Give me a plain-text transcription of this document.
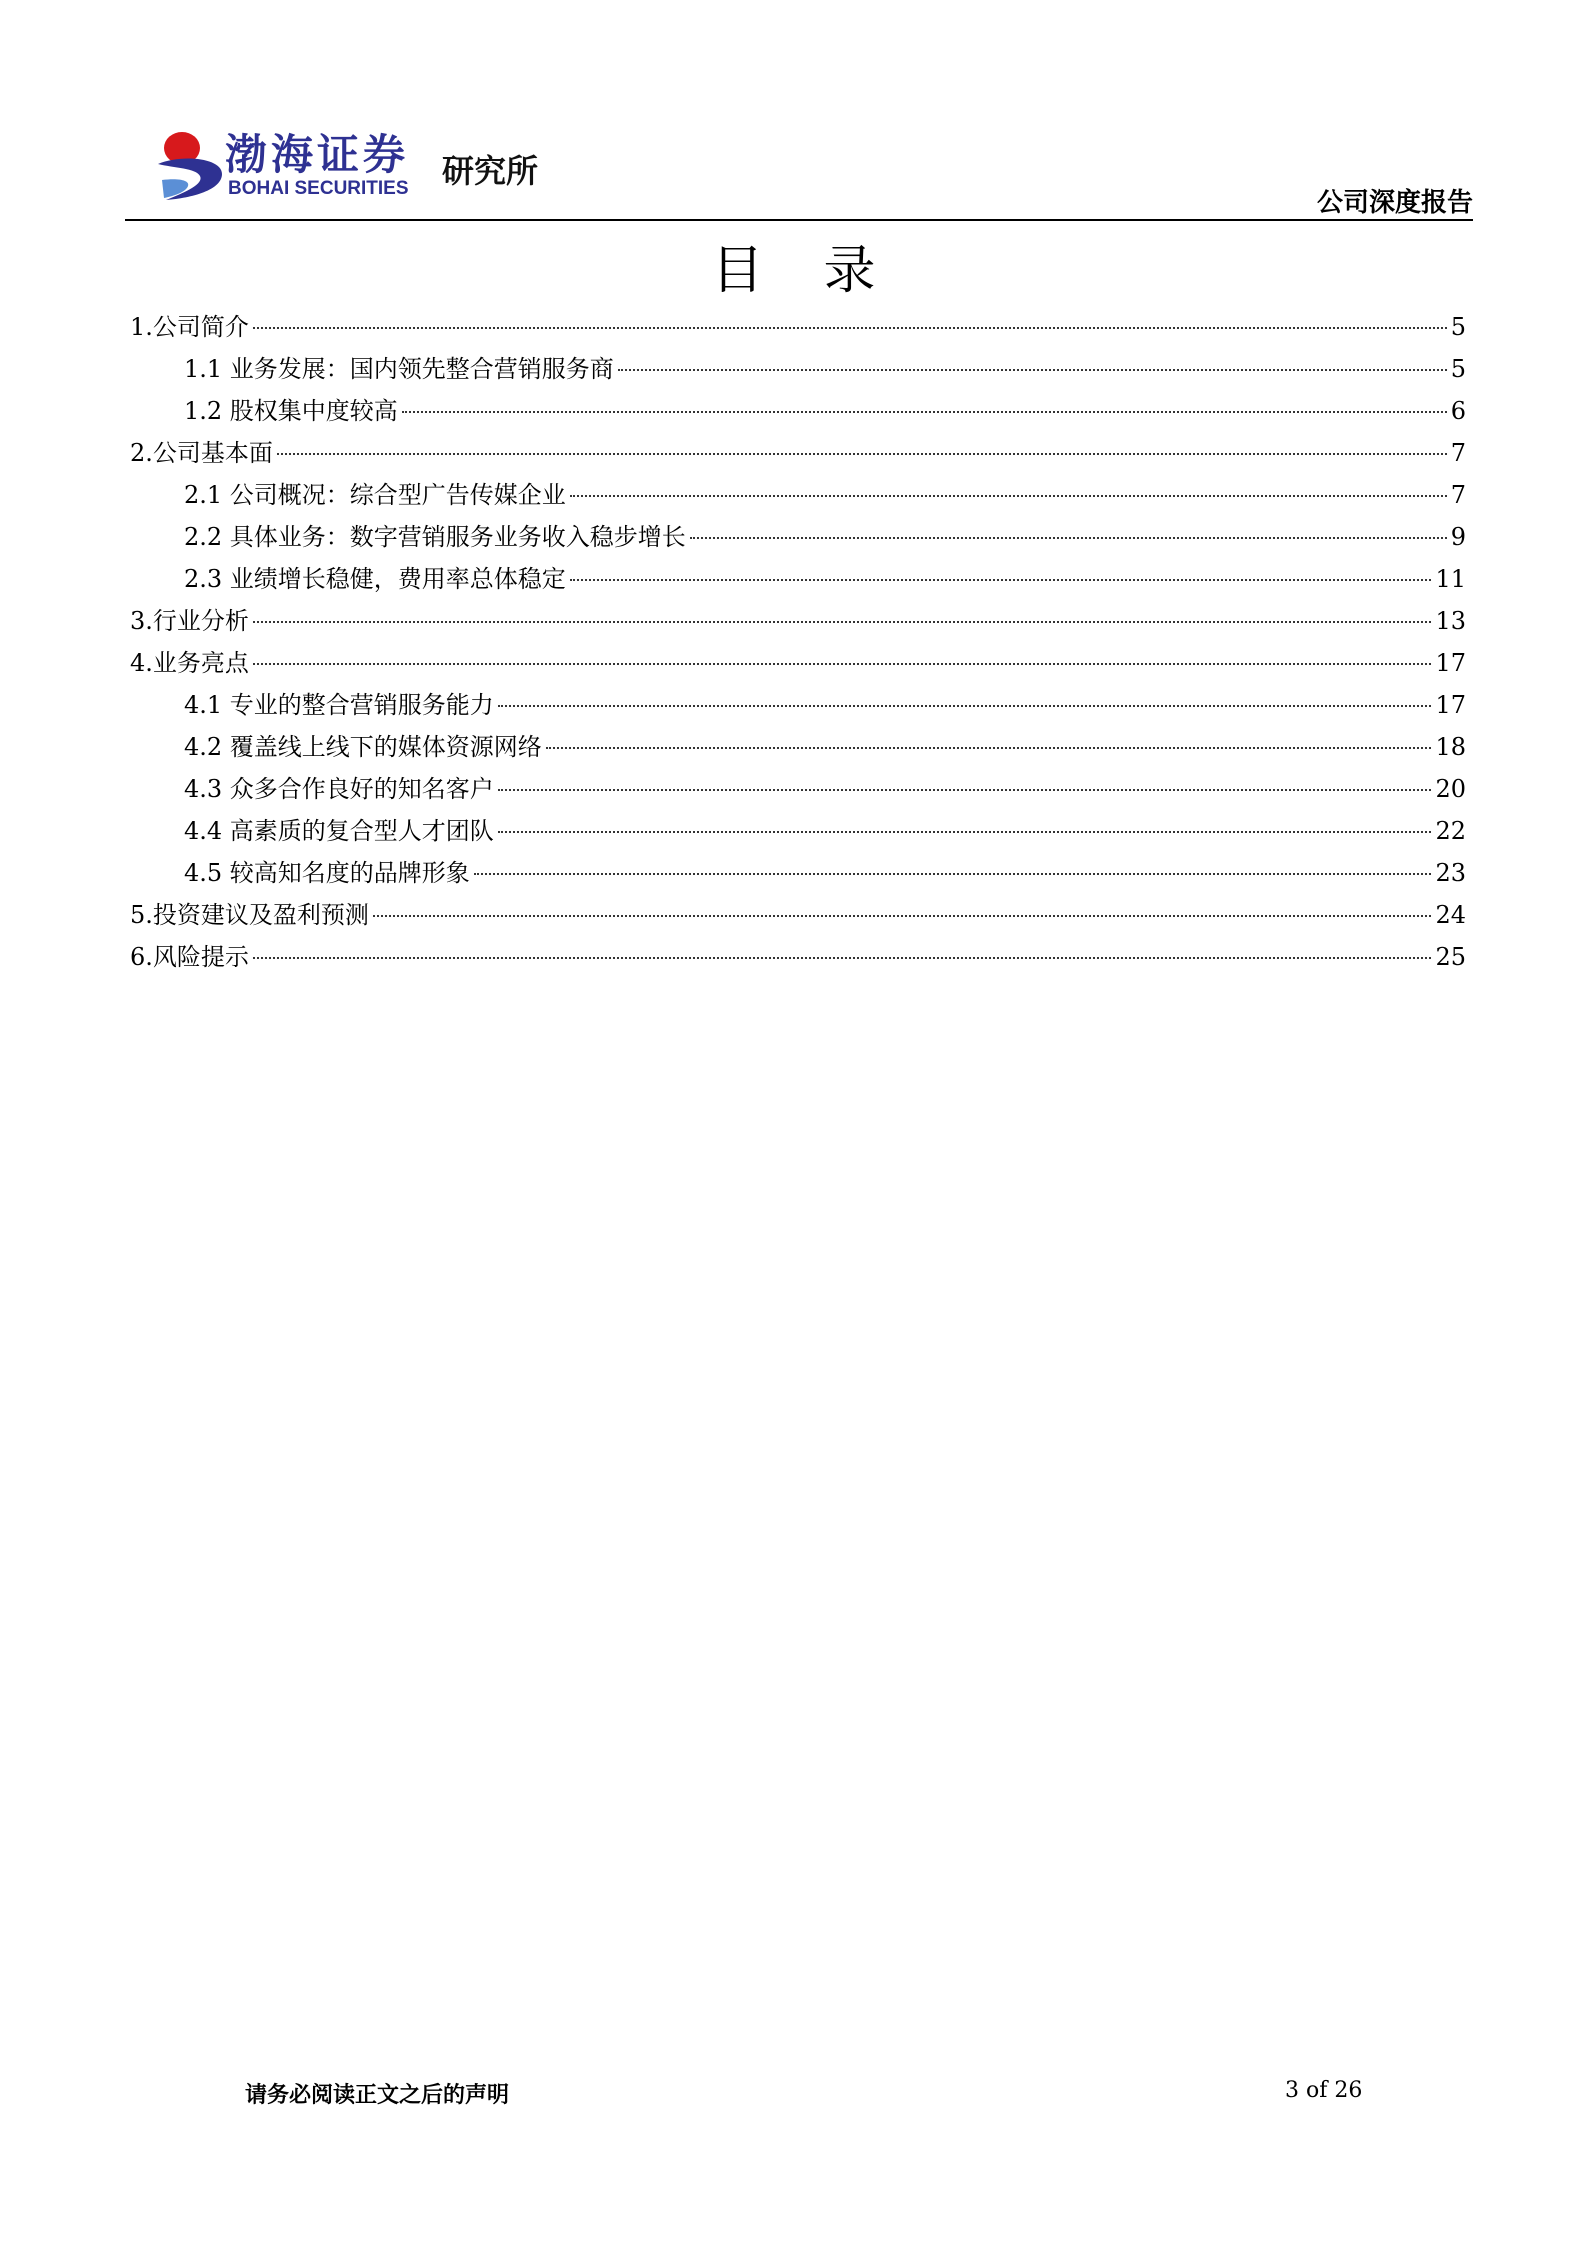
渤海证券
BOHAI SECURITIES 研究所
公司深度报告
目录
1.公司简介	5
1.1 业务发展：国内领先整合营销服务商	5
1.2 股权集中度较高	6
2.公司基本面	7
2.1 公司概况：综合型广告传媒企业	7
2.2 具体业务：数字营销服务业务收入稳步增长	9
2.3 业绩增长稳健，费用率总体稳定	11
3.行业分析	13
4.业务亮点	17
4.1 专业的整合营销服务能力	17
4.2 覆盖线上线下的媒体资源网络	18
4.3 众多合作良好的知名客户	20
4.4 高素质的复合型人才团队	22
4.5 较高知名度的品牌形象	23
5.投资建议及盈利预测	24
6.风险提示	25
请务必阅读正文之后的声明	3 of 26
